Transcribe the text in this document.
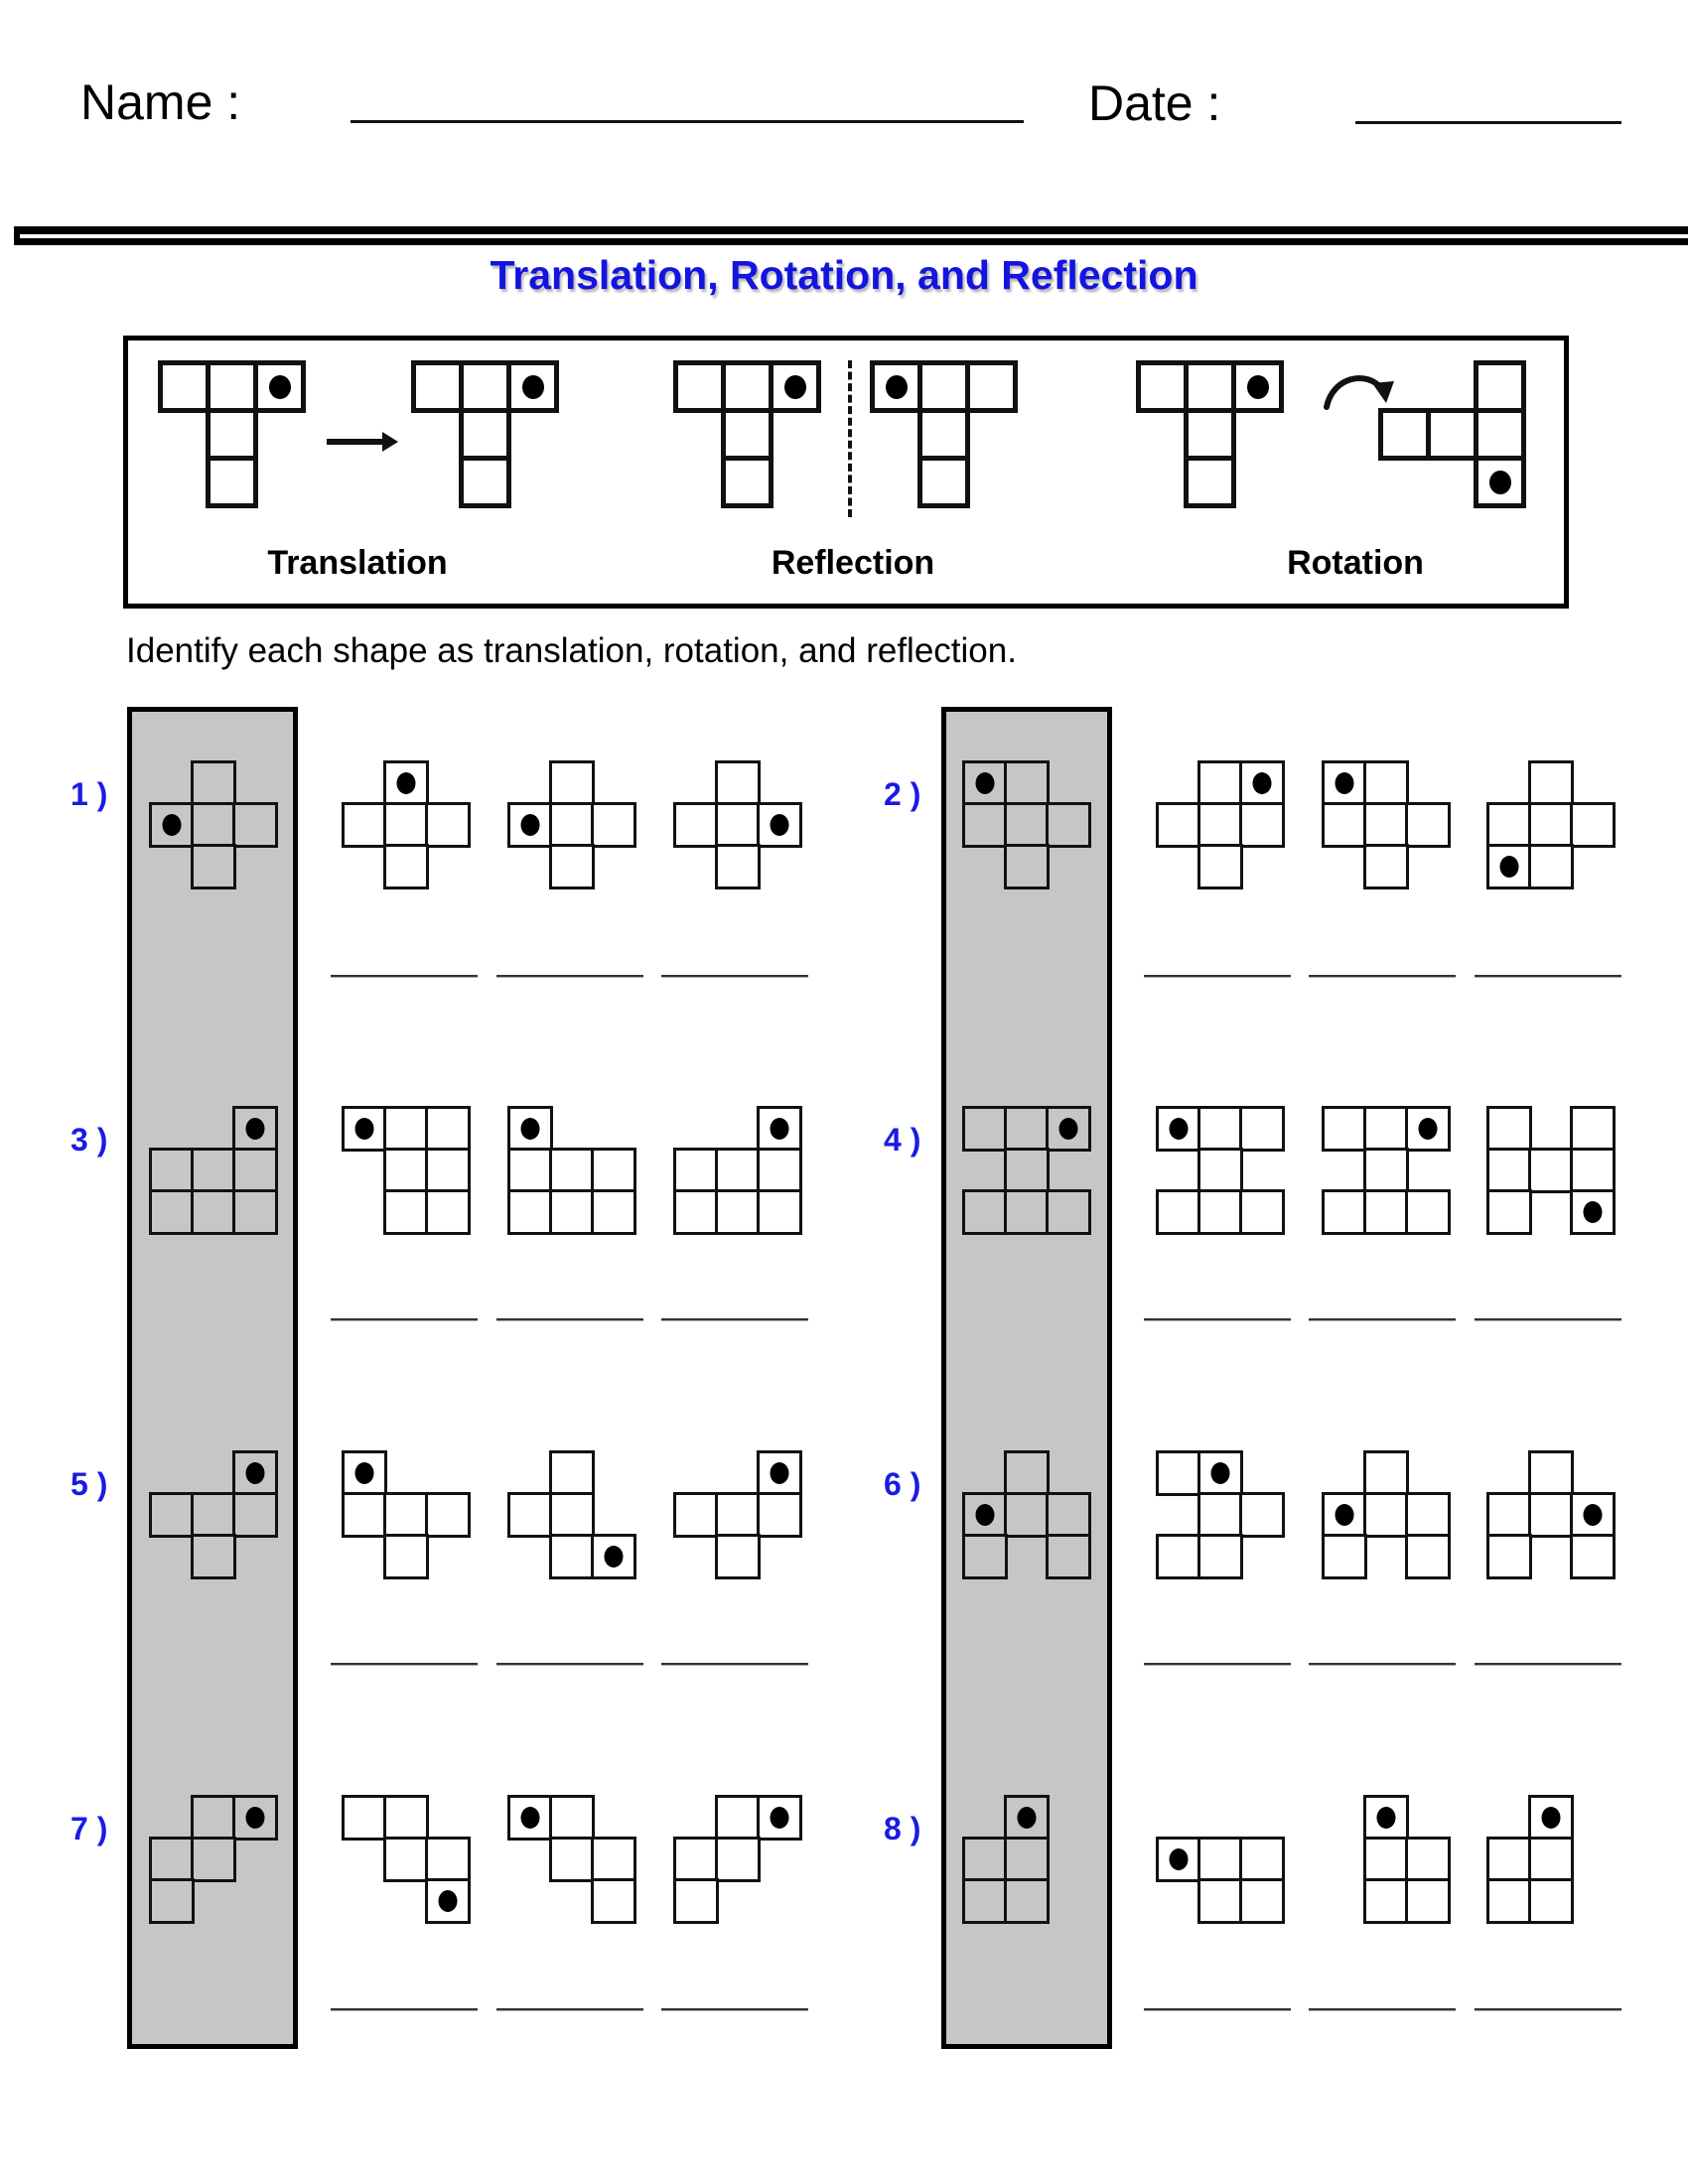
Name :	Date :
Translation, Rotation, and Reflection
Translation	Reflection	Rotation
Identify each shape as translation, rotation, and reflection.
1 )	2 )
3 )	4 )
5 )	6 )
7 )	8 )
